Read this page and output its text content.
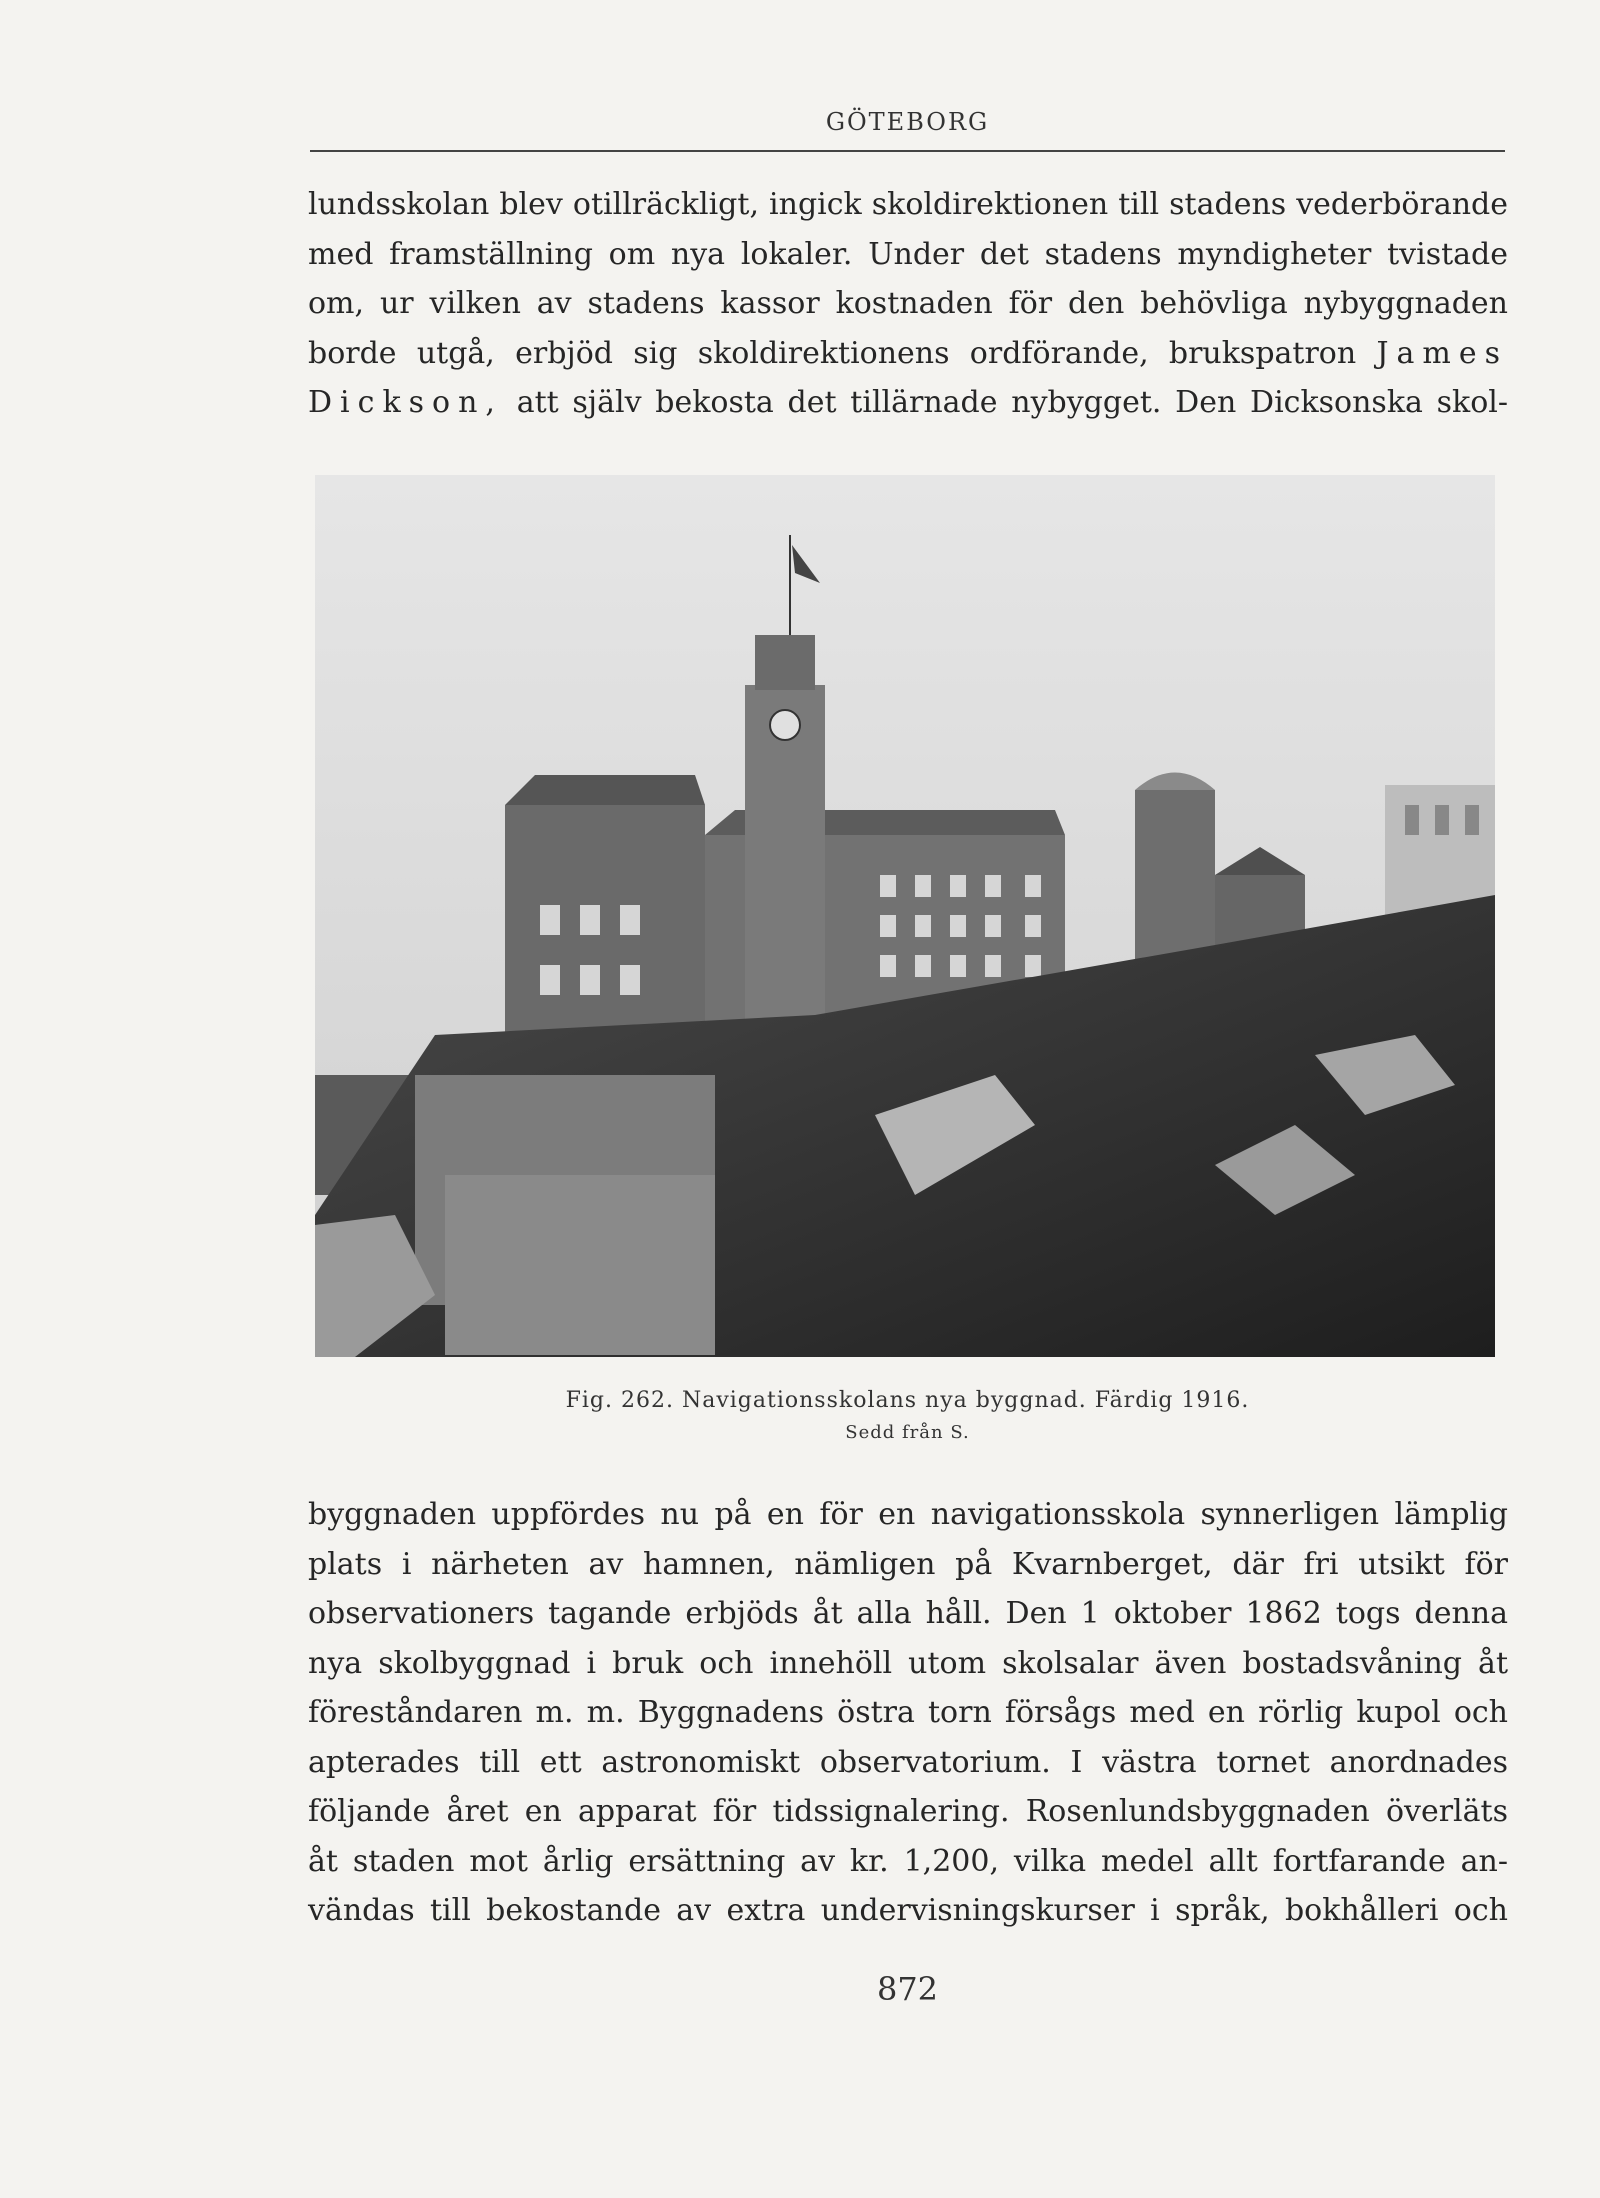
GÖTEBORG
lundsskolan blev otillräckligt, ingick skoldirektionen till stadens vederbörande
med framställning om nya lokaler. Under det stadens myndigheter tvistade
om, ur vilken av stadens kassor kostnaden för den behövliga nybyggnaden
borde utgå, erbjöd sig skoldirektionens ordförande, brukspatron James
Dickson, att själv bekosta det tillärnade nybygget. Den Dicksonska skol-
Fig. 262. Navigationsskolans nya byggnad. Färdig 1916.
Sedd från S.
byggnaden uppfördes nu på en för en navigationsskola synnerligen lämplig
plats i närheten av hamnen, nämligen på Kvarnberget, där fri utsikt för
observationers tagande erbjöds åt alla håll. Den 1 oktober 1862 togs denna
nya skolbyggnad i bruk och innehöll utom skolsalar även bostadsvåning åt
föreståndaren m. m. Byggnadens östra torn försågs med en rörlig kupol och
apterades till ett astronomiskt observatorium. I västra tornet anordnades
följande året en apparat för tidssignalering. Rosenlundsbyggnaden överläts
åt staden mot årlig ersättning av kr. 1,200, vilka medel allt fortfarande an-
vändas till bekostande av extra undervisningskurser i språk, bokhålleri och
872
